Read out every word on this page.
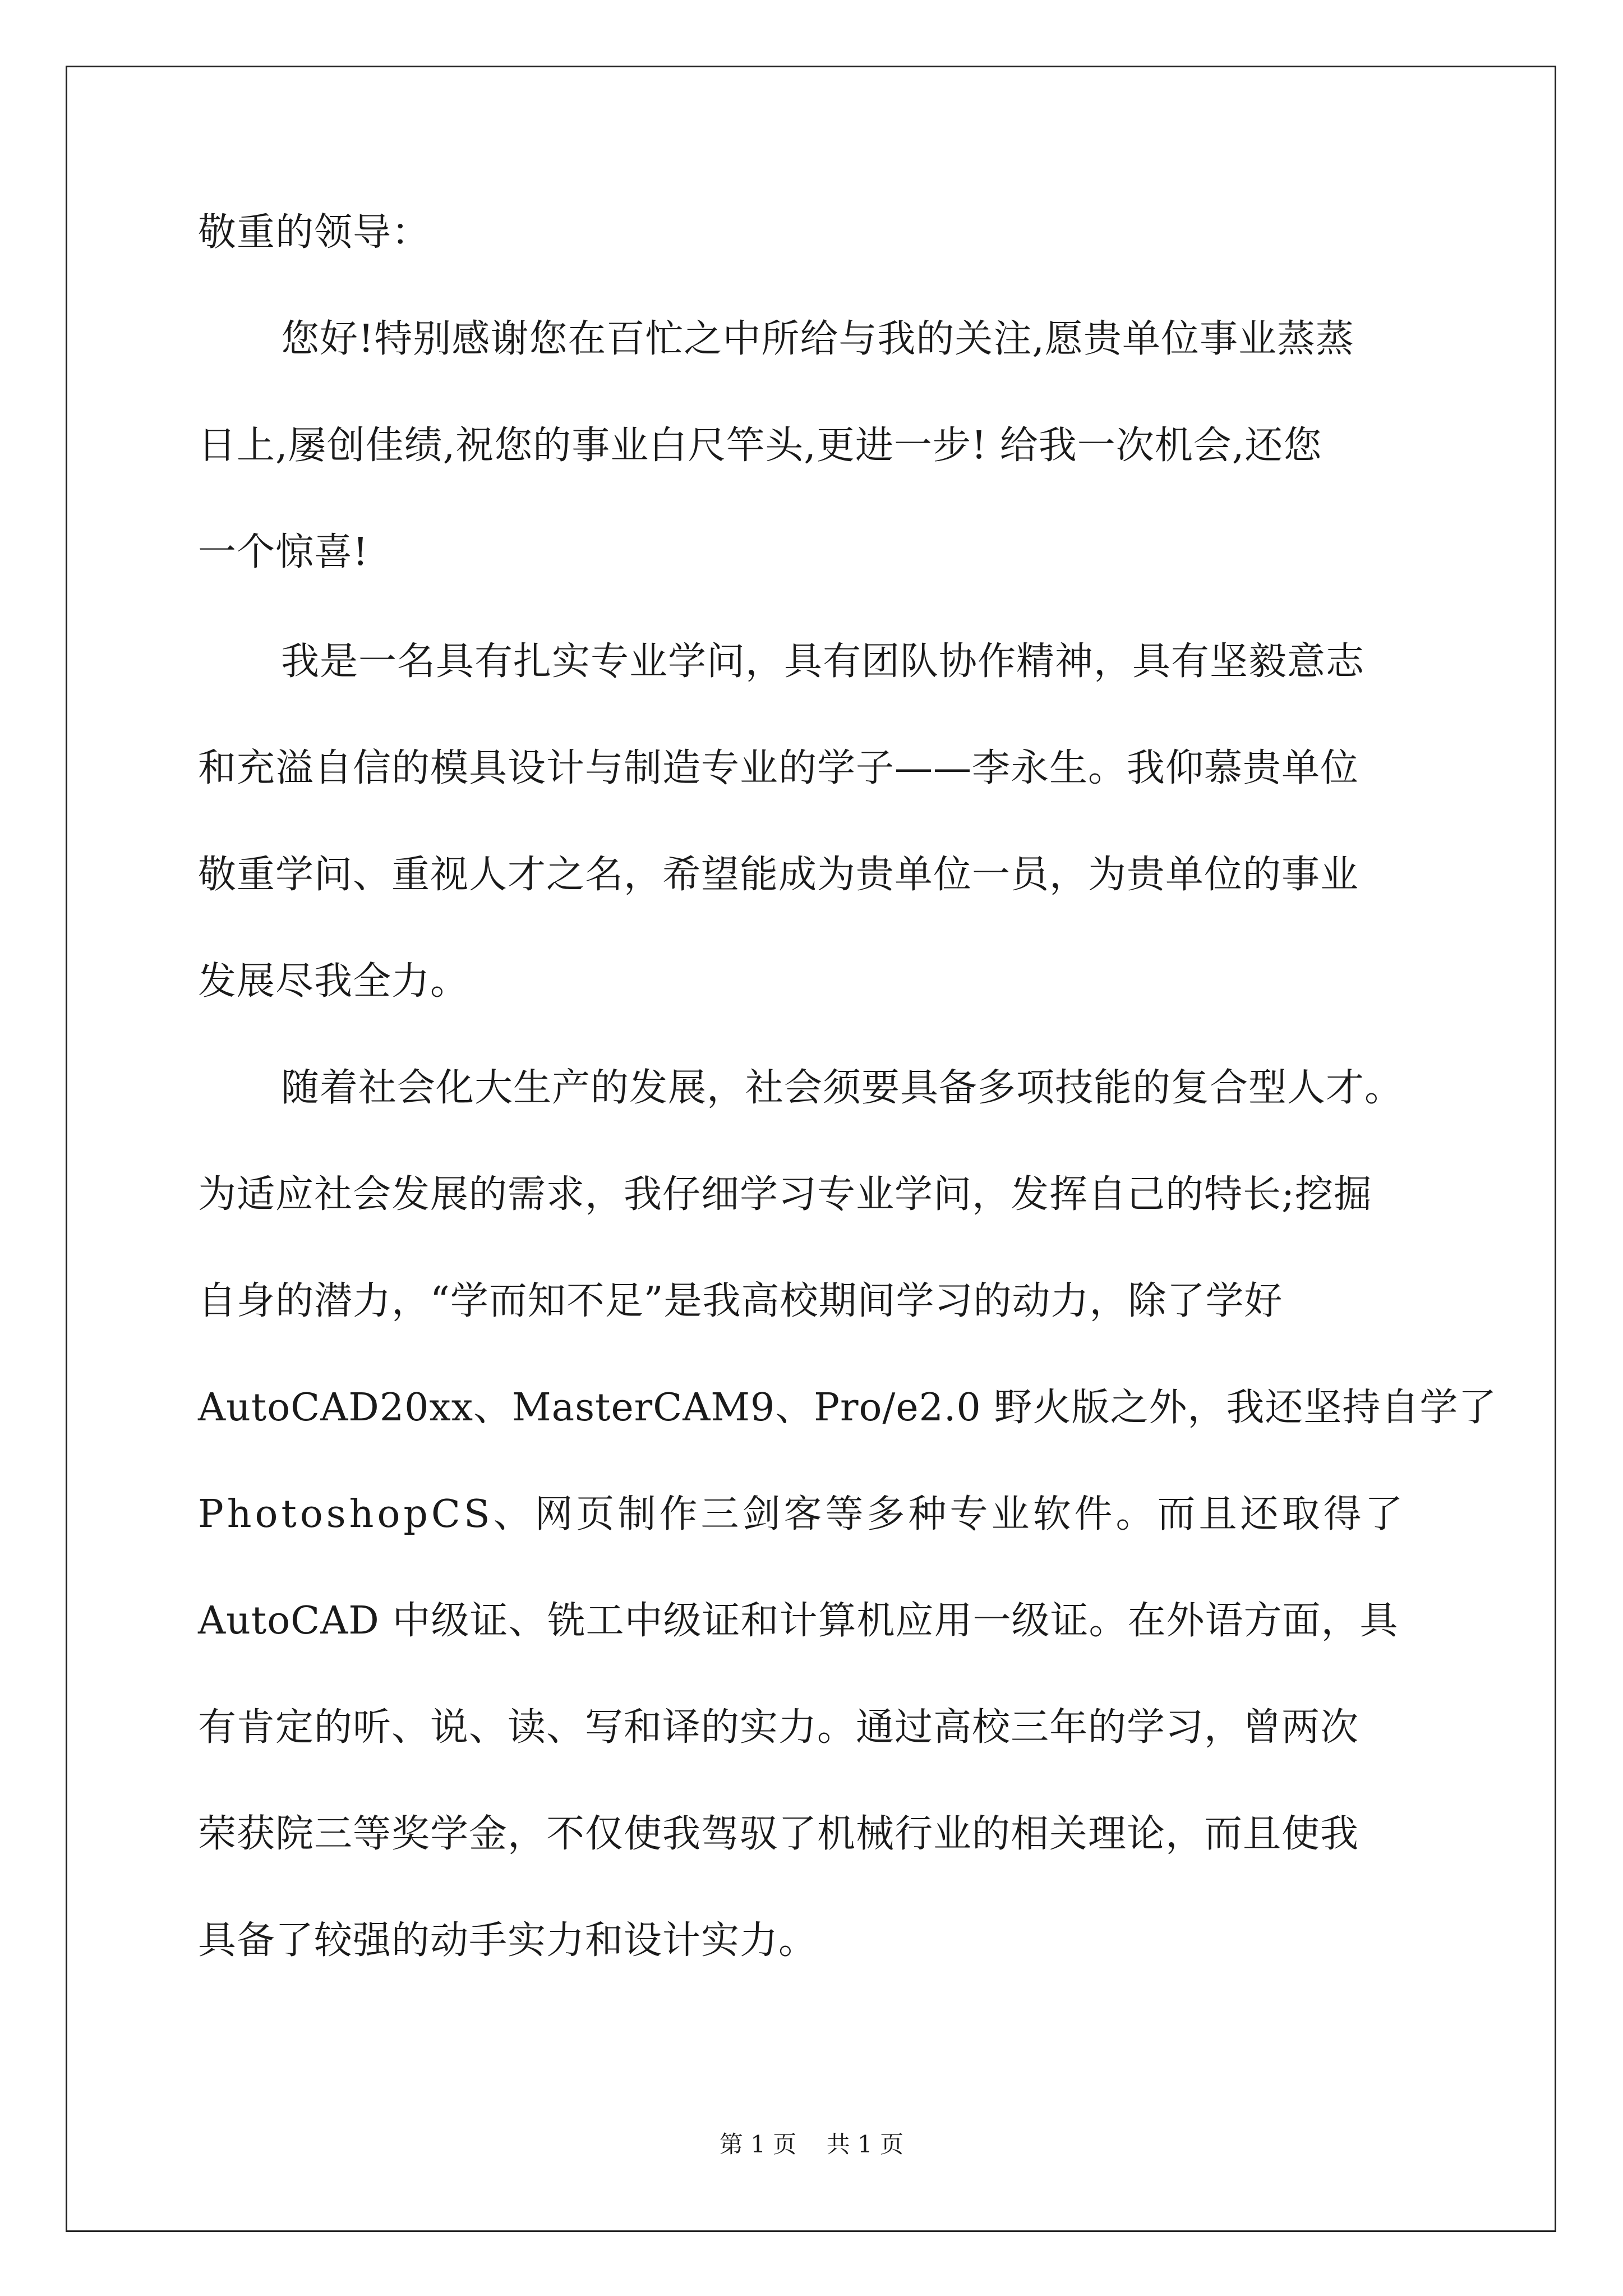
敬重的领导：
您好!特别感谢您在百忙之中所给与我的关注,愿贵单位事业蒸蒸
日上,屡创佳绩,祝您的事业白尺竿头,更进一步! 给我一次机会,还您
一个惊喜!
我是一名具有扎实专业学问，具有团队协作精神，具有坚毅意志
和充溢自信的模具设计与制造专业的学子——李永生。我仰慕贵单位
敬重学问、重视人才之名，希望能成为贵单位一员，为贵单位的事业
发展尽我全力。
随着社会化大生产的发展，社会须要具备多项技能的复合型人才。
为适应社会发展的需求，我仔细学习专业学问，发挥自己的特长;挖掘
自身的潜力，“学而知不足”是我高校期间学习的动力，除了学好
AutoCAD20xx、MasterCAM9、Pro/e2.0 野火版之外，我还坚持自学了
PhotoshopCS、网页制作三剑客等多种专业软件。而且还取得了
AutoCAD 中级证、铣工中级证和计算机应用一级证。在外语方面，具
有肯定的听、说、读、写和译的实力。通过高校三年的学习，曾两次
荣获院三等奖学金，不仅使我驾驭了机械行业的相关理论，而且使我
具备了较强的动手实力和设计实力。
第 1 页    共 1 页
